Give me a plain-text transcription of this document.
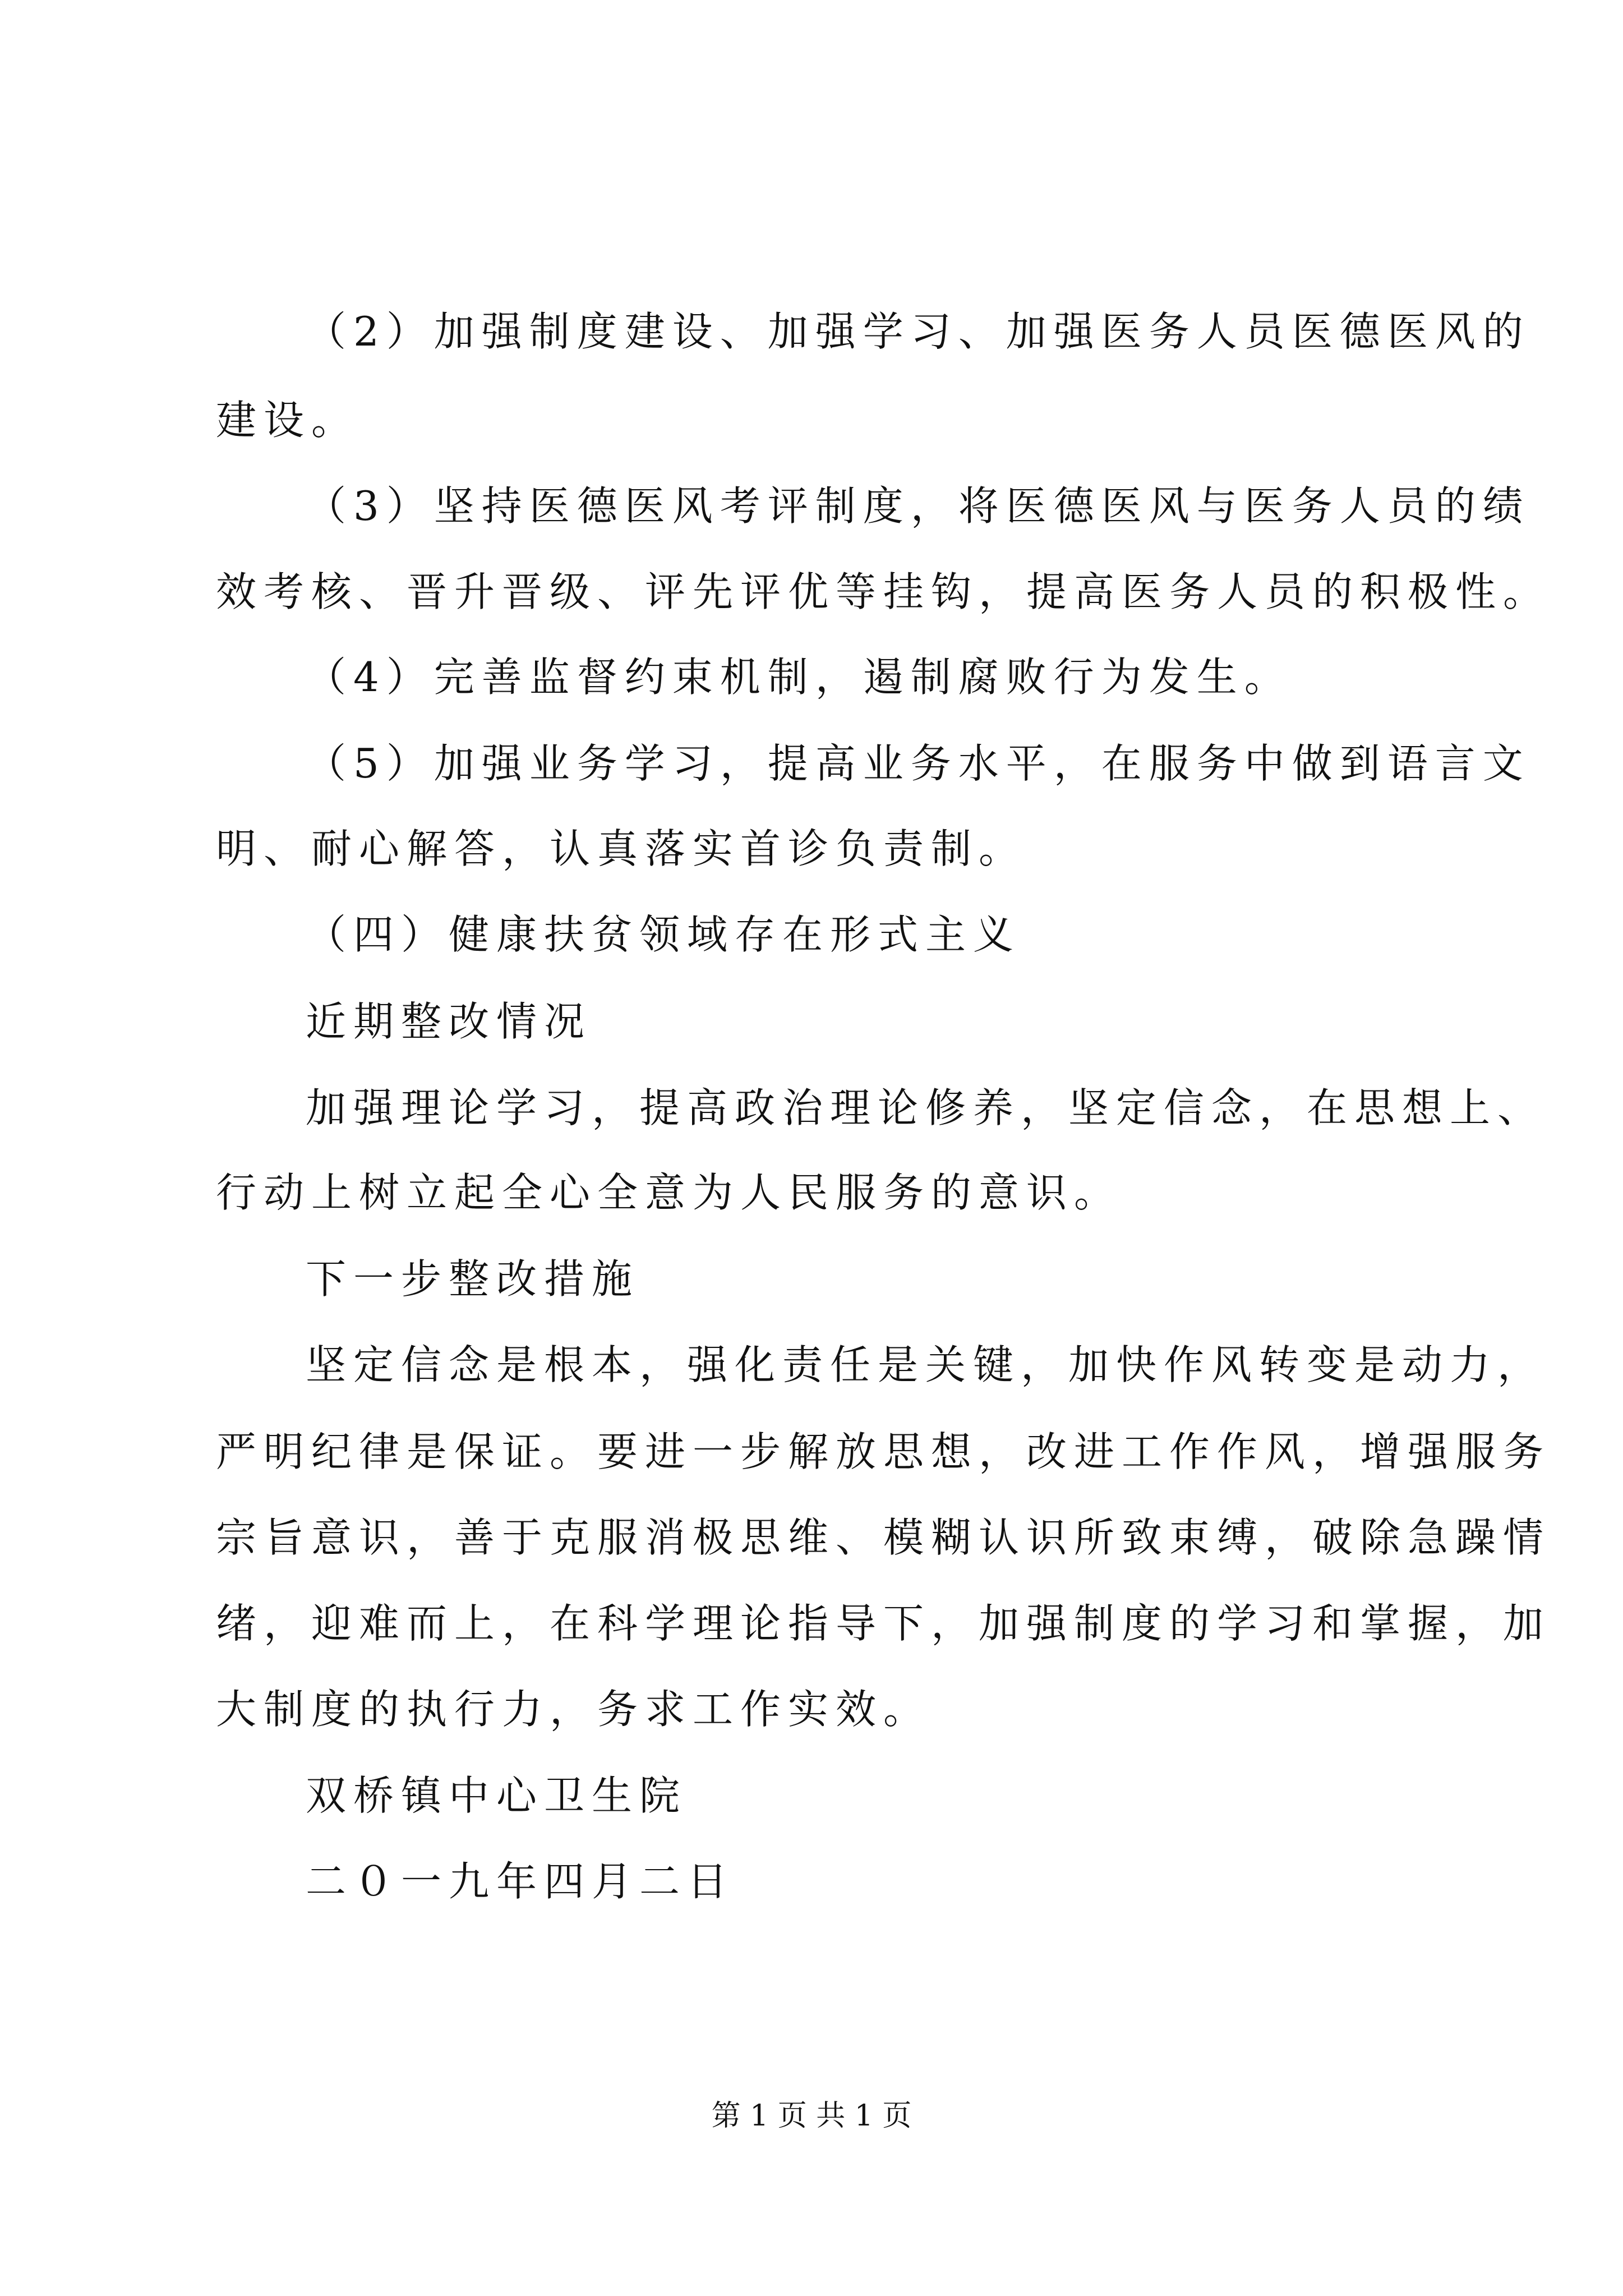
（2）加强制度建设、加强学习、加强医务人员医德医风的
建设。
（3）坚持医德医风考评制度，将医德医风与医务人员的绩
效考核、晋升晋级、评先评优等挂钩，提高医务人员的积极性。
（4）完善监督约束机制，遏制腐败行为发生。
（5）加强业务学习，提高业务水平，在服务中做到语言文
明、耐心解答，认真落实首诊负责制。
（四）健康扶贫领域存在形式主义
近期整改情况
加强理论学习，提高政治理论修养，坚定信念，在思想上、
行动上树立起全心全意为人民服务的意识。
下一步整改措施
坚定信念是根本，强化责任是关键，加快作风转变是动力，
严明纪律是保证。要进一步解放思想，改进工作作风，增强服务
宗旨意识，善于克服消极思维、模糊认识所致束缚，破除急躁情
绪，迎难而上，在科学理论指导下，加强制度的学习和掌握，加
大制度的执行力，务求工作实效。
双桥镇中心卫生院
二０一九年四月二日
第 1 页 共 1 页
